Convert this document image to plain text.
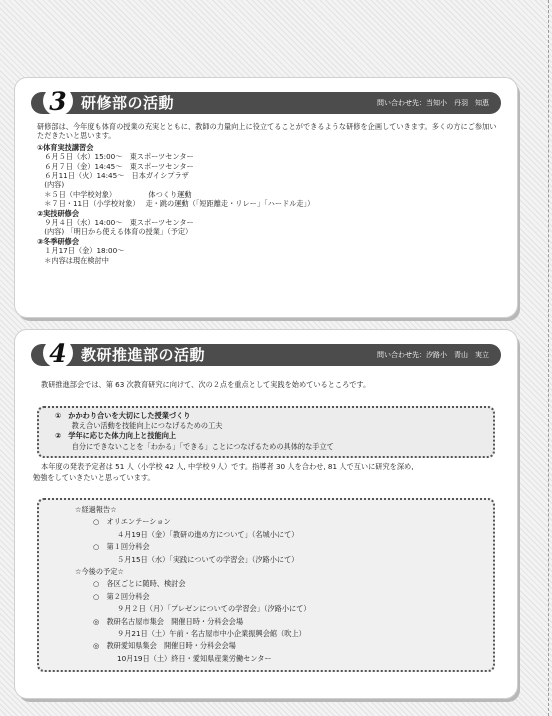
3 研修部の活動	問い合わせ先：当知小　丹羽　知恵

研修部は、今年度も体育の授業の充実とともに、教師の力量向上に役立てることができるような研修を企画していきます。多くの方にご参加いただきたいと思います。

①体育実技講習会
　６月５日（水）15:00～　東スポーツセンター
　６月７日（金）14:45～　東スポーツセンター
　６月11日（火）14:45～　日本ガイシプラザ
　(内容)
　＊５日（中学校対象）　　　　　体つくり運動
　＊７日・11日（小学校対象）　 走・跳の運動（「短距離走・リレー」「ハードル走」）
②実技研修会
　９月４日（水）14:00～　東スポーツセンター
　(内容) 「明日から使える体育の授業」（予定）
③冬季研修会
　１月17日（金）18:00～
　＊内容は現在検討中
4 教研推進部の活動	問い合わせ先：汐路小　青山　実立
教研推進部会では、第 63 次教育研究に向けて、次の２点を重点として実践を始めているところです。
①　かかわり合いを大切にした授業づくり
　　 教え合い活動を技能向上につなげるための工夫
②　学年に応じた体力向上と技能向上
　　 自分にできないことを「わかる」「できる」ことにつなげるための具体的な手立て
本年度の発表予定者は 51 人（小学校 42 人, 中学校９人）です。指導者 30 人を合わせ, 81 人で互いに研究を深め,
勉強をしていきたいと思っています。
☆経過報告☆
○　オリエンテーション
４月19日（金）「教研の進め方について」（名城小にて）
○　第１回分科会
５月15日（水）「実践についての学習会」（汐路小にて）
☆今後の予定☆
○　各区ごとに随時、検討会
○　第２回分科会
９月２日（月）「プレゼンについての学習会」（汐路小にて）
◎　教研名古屋市集会　開催日時・分科会会場
９月21日（土）午前・名古屋市中小企業振興会館（吹上）
◎　教研愛知県集会　開催日時・分科会会場
10月19日（土）終日・愛知県産業労働センター
